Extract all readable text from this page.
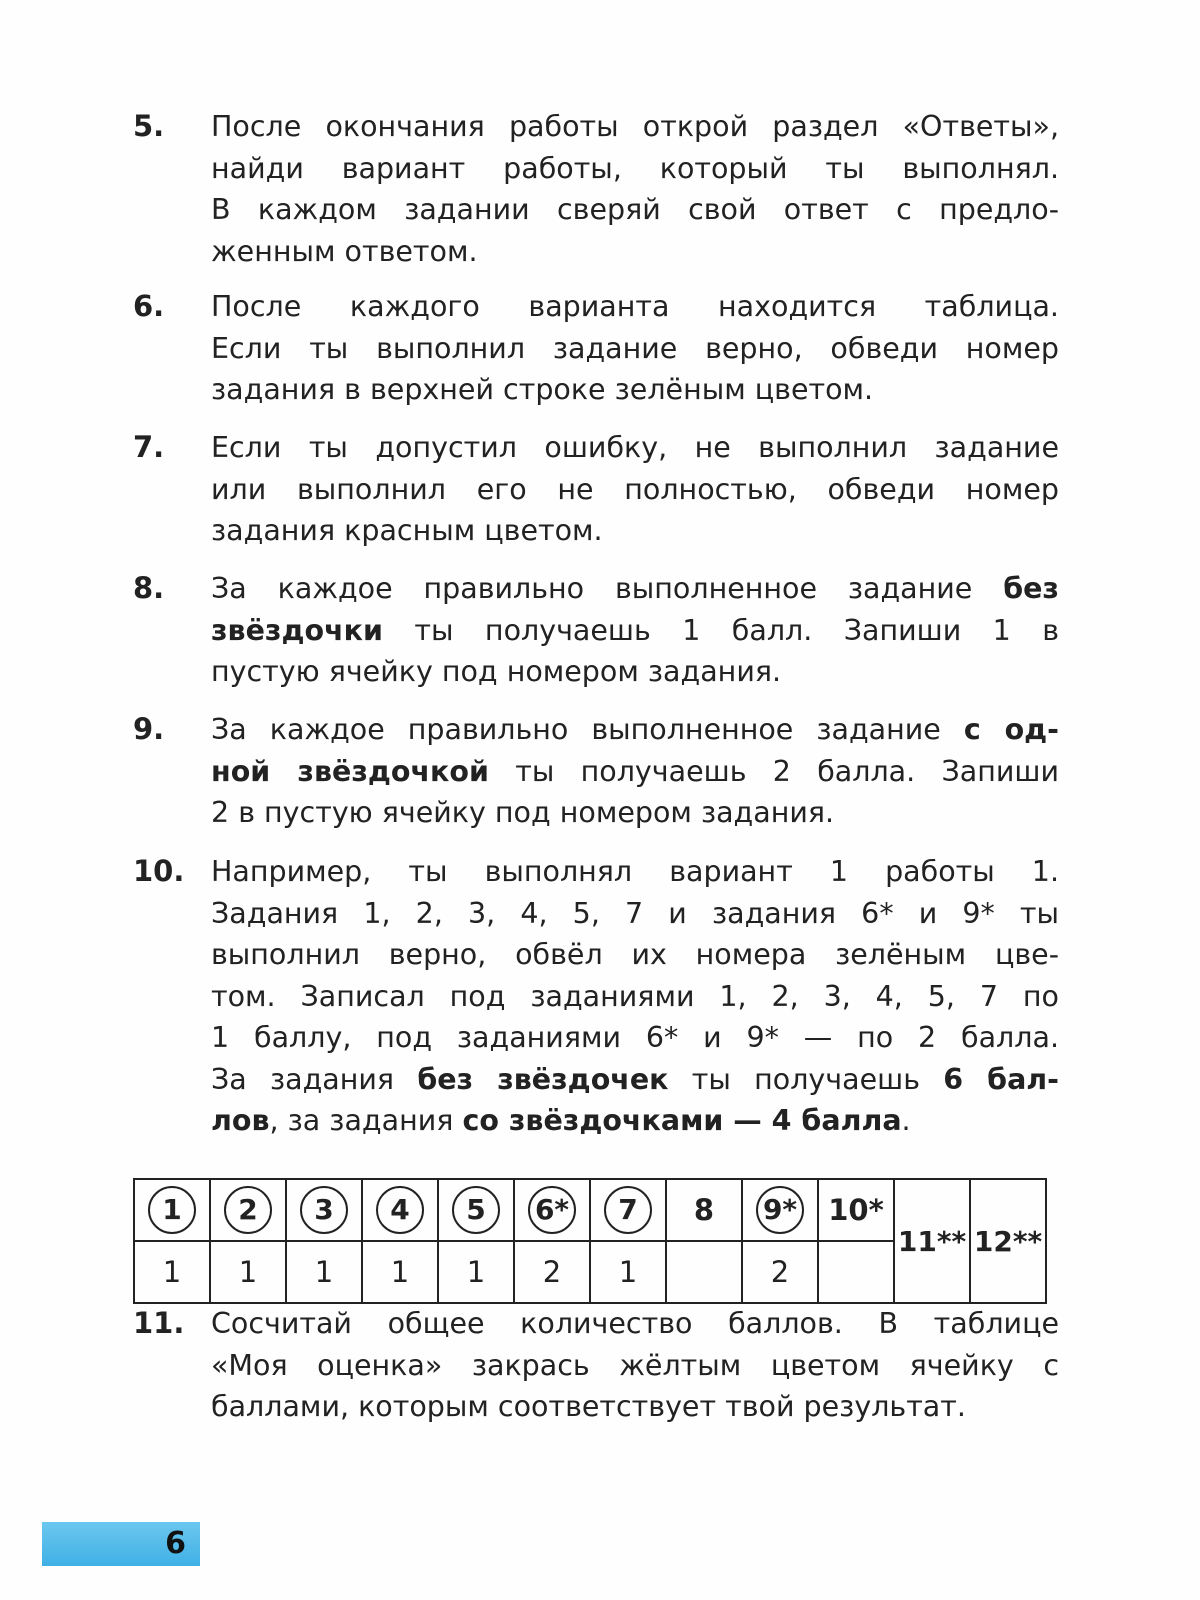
5. После окончания работы открой раздел «Ответы»,
найди вариант работы, который ты выполнял.
В каждом задании сверяй свой ответ с предло-
женным ответом.
6. После каждого варианта находится таблица.
Если ты выполнил задание верно, обведи номер
задания в верхней строке зелёным цветом.
7. Если ты допустил ошибку, не выполнил задание
или выполнил его не полностью, обведи номер
задания красным цветом.
8. За каждое правильно выполненное задание без
звёздочки ты получаешь 1 балл. Запиши 1 в
пустую ячейку под номером задания.
9. За каждое правильно выполненное задание с од-
ной звёздочкой ты получаешь 2 балла. Запиши
2 в пустую ячейку под номером задания.
10. Например, ты выполнял вариант 1 работы 1.
Задания 1, 2, 3, 4, 5, 7 и задания 6* и 9* ты
выполнил верно, обвёл их номера зелёным цве-
том. Записал под заданиями 1, 2, 3, 4, 5, 7 по
1 баллу, под заданиями 6* и 9* — по 2 балла.
За задания без звёздочек ты получаешь 6 бал-
лов, за задания со звёздочками — 4 балла.
1	2	3	4	5	6*	7	8	9*	10*	11**	12**
1	1	1	1	1	2	1		2			
11. Сосчитай общее количество баллов. В таблице
«Моя оценка» закрась жёлтым цветом ячейку с
баллами, которым соответствует твой результат.
6
